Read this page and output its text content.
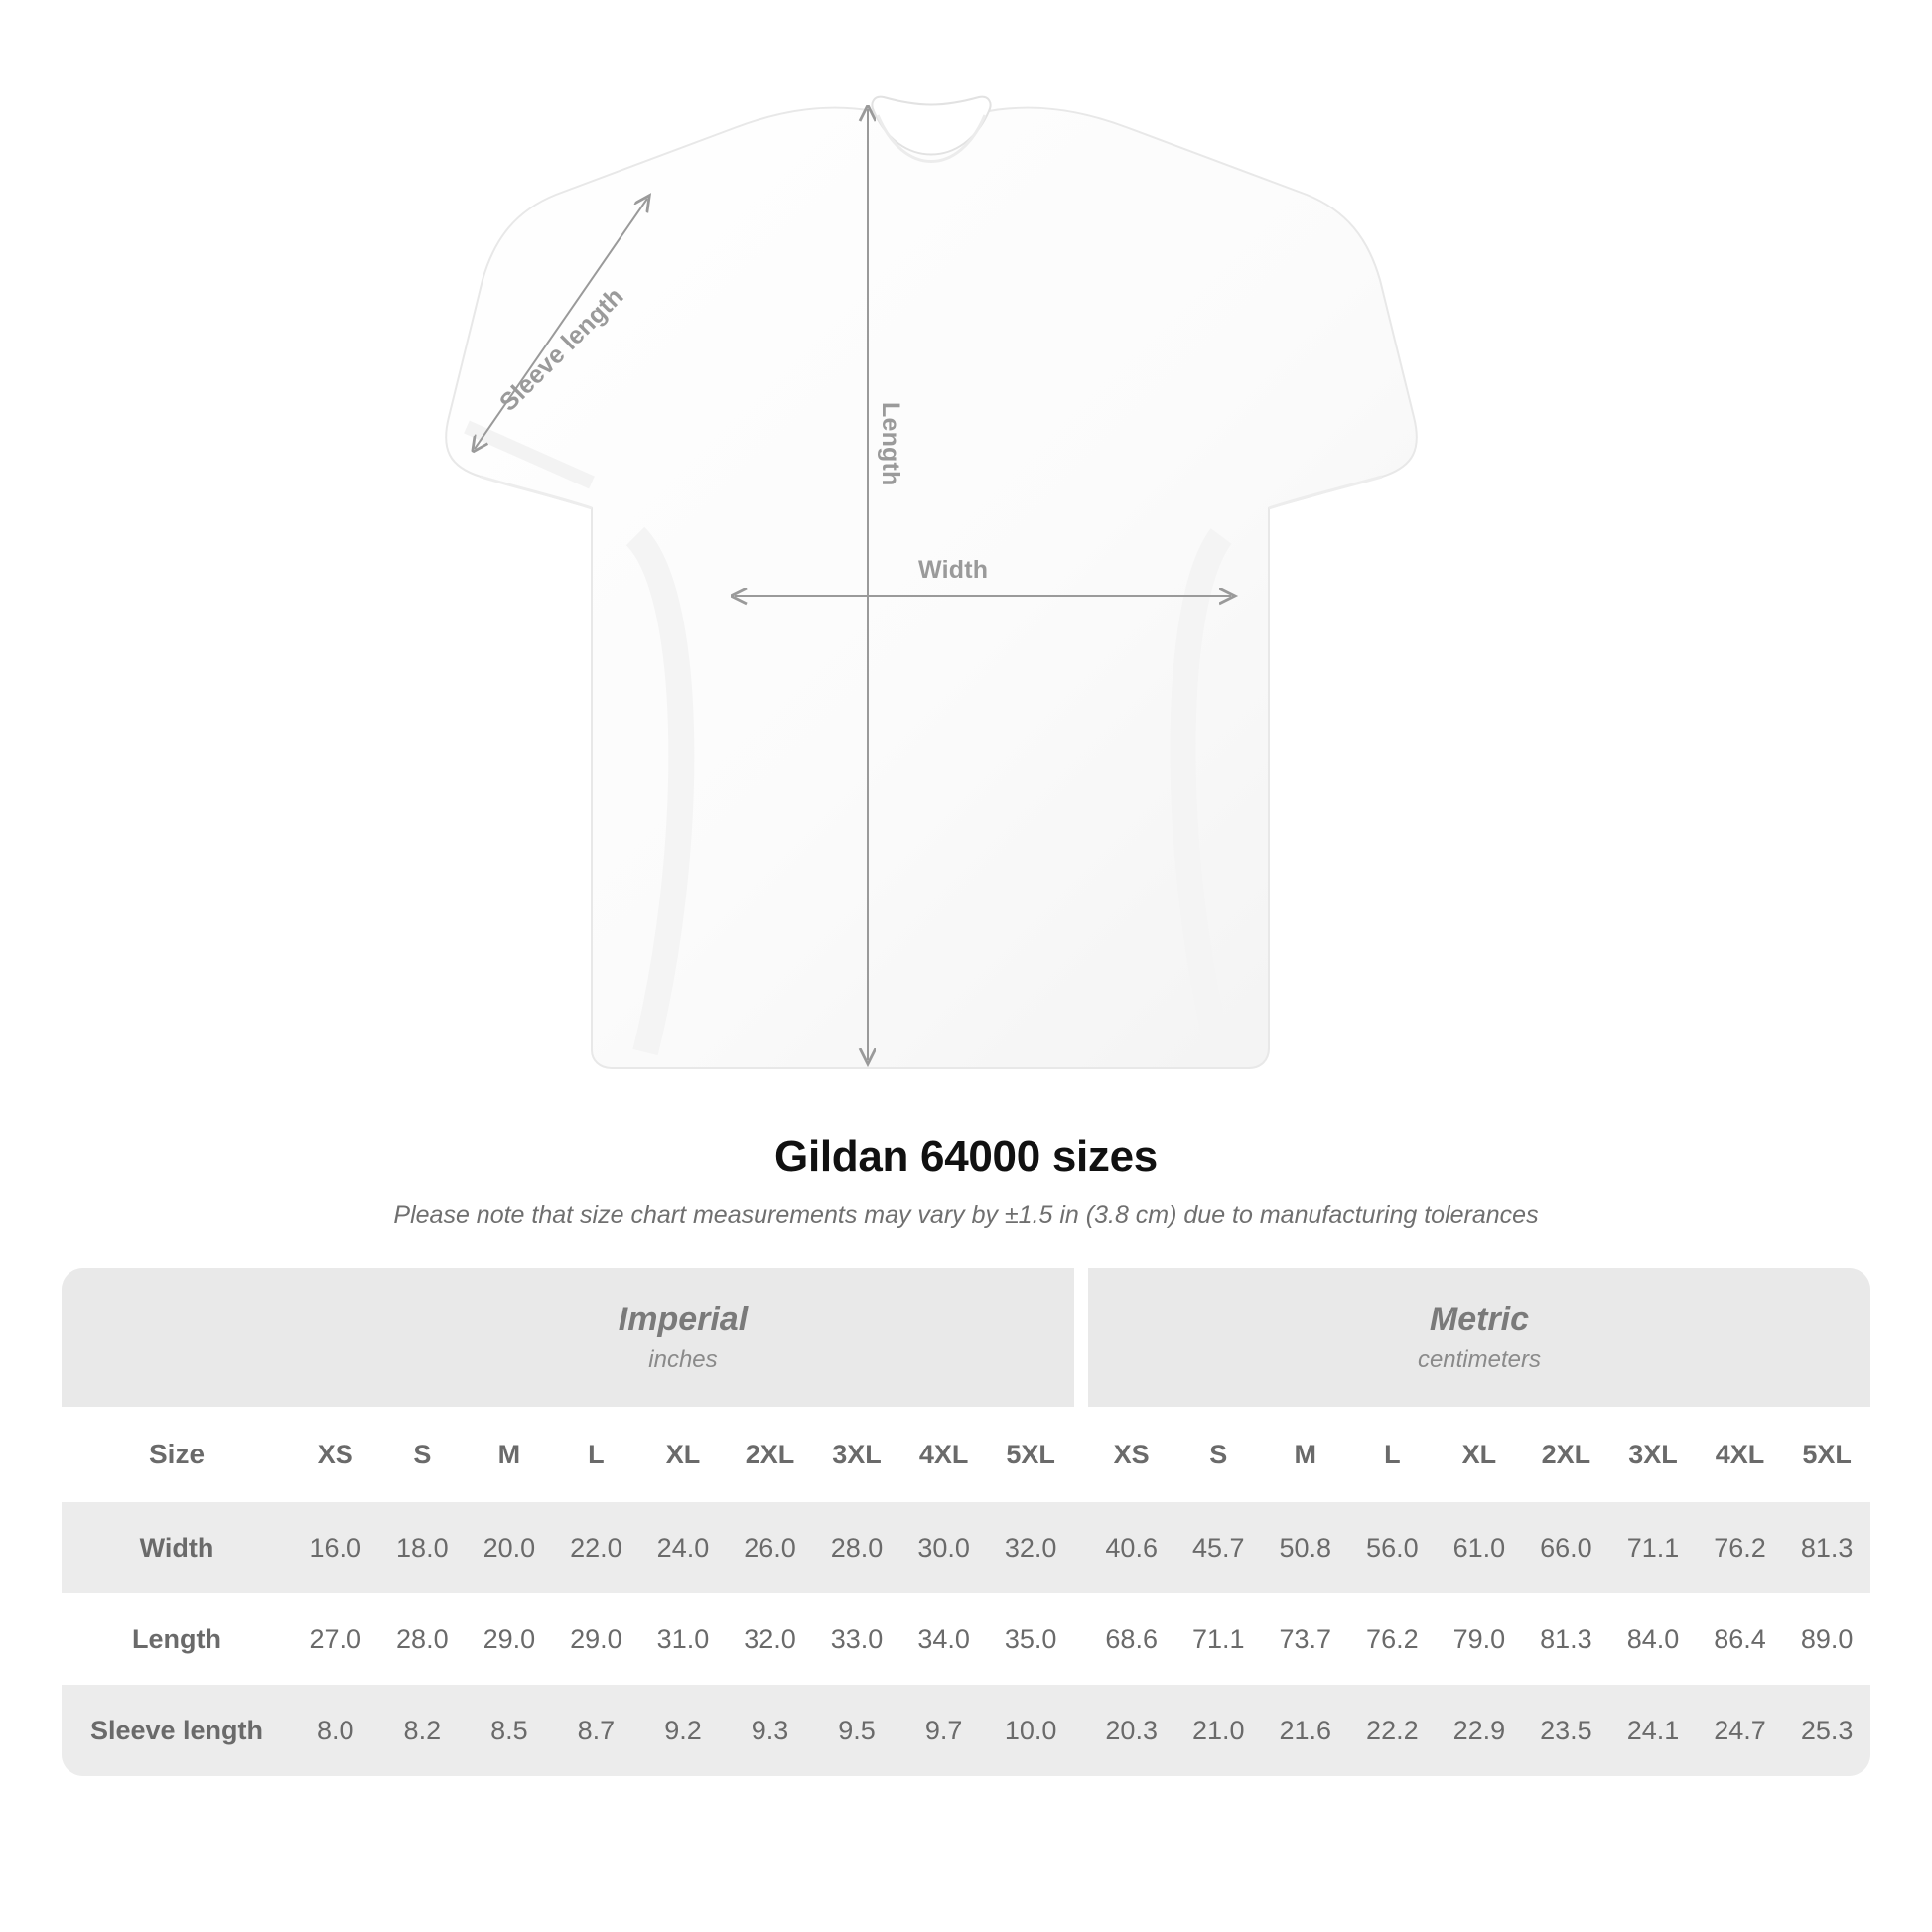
Sleeve length
Length
Width
Gildan 64000 sizes
Please note that size chart measurements may vary by ±1.5 in (3.8 cm) due to manufacturing tolerances

Imperial
inches

Metric
centimeters

Size	XS	S	M	L	XL	2XL	3XL	4XL	5XL		XS	S	M	L	XL	2XL	3XL	4XL	5XL
Width	16.0	18.0	20.0	22.0	24.0	26.0	28.0	30.0	32.0		40.6	45.7	50.8	56.0	61.0	66.0	71.1	76.2	81.3
Length	27.0	28.0	29.0	29.0	31.0	32.0	33.0	34.0	35.0		68.6	71.1	73.7	76.2	79.0	81.3	84.0	86.4	89.0
Sleeve length	8.0	8.2	8.5	8.7	9.2	9.3	9.5	9.7	10.0		20.3	21.0	21.6	22.2	22.9	23.5	24.1	24.7	25.3
